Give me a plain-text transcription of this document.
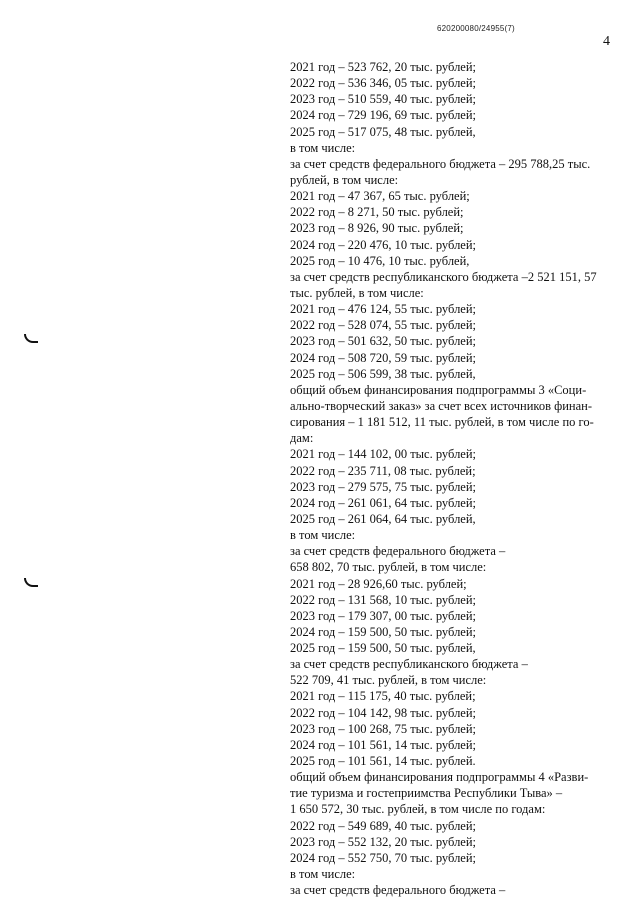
620200080/24955(7)
4
2021 год – 523 762, 20 тыс. рублей;
2022 год – 536 346, 05 тыс. рублей;
2023 год – 510 559, 40 тыс. рублей;
2024 год – 729 196, 69 тыс. рублей;
2025 год – 517 075, 48 тыс. рублей,
в том числе:
за счет средств федерального бюджета – 295 788,25 тыс.
рублей, в том числе:
2021 год – 47 367, 65 тыс. рублей;
2022 год – 8 271, 50 тыс. рублей;
2023 год – 8 926, 90 тыс. рублей;
2024 год – 220 476, 10 тыс. рублей;
2025 год – 10 476, 10 тыс. рублей,
за счет средств республиканского бюджета –2 521 151, 57
тыс. рублей, в том числе:
2021 год – 476 124, 55 тыс. рублей;
2022 год – 528 074, 55 тыс. рублей;
2023 год – 501 632, 50 тыс. рублей;
2024 год – 508 720, 59 тыс. рублей;
2025 год – 506 599, 38 тыс. рублей,
общий объем финансирования подпрограммы 3 «Соци-
ально-творческий заказ» за счет всех источников финан-
сирования – 1 181 512, 11 тыс. рублей, в том числе по го-
дам:
2021 год – 144 102, 00 тыс. рублей;
2022 год – 235 711, 08 тыс. рублей;
2023 год – 279 575, 75 тыс. рублей;
2024 год – 261 061, 64 тыс. рублей;
2025 год – 261 064, 64 тыс. рублей,
в том числе:
за счет средств федерального бюджета –
658 802, 70 тыс. рублей, в том числе:
2021 год – 28 926,60 тыс. рублей;
2022 год – 131 568, 10 тыс. рублей;
2023 год – 179 307, 00 тыс. рублей;
2024 год – 159 500, 50 тыс. рублей;
2025 год – 159 500, 50 тыс. рублей,
за счет средств республиканского бюджета –
522 709, 41 тыс. рублей, в том числе:
2021 год – 115 175, 40 тыс. рублей;
2022 год – 104 142, 98 тыс. рублей;
2023 год – 100 268, 75 тыс. рублей;
2024 год – 101 561, 14 тыс. рублей;
2025 год – 101 561, 14 тыс. рублей.
общий объем финансирования подпрограммы 4 «Разви-
тие туризма и гостеприимства Республики Тыва» –
1 650 572, 30 тыс. рублей, в том числе по годам:
2022 год – 549 689, 40 тыс. рублей;
2023 год – 552 132, 20 тыс. рублей;
2024 год – 552 750, 70 тыс. рублей;
в том числе:
за счет средств федерального бюджета –
